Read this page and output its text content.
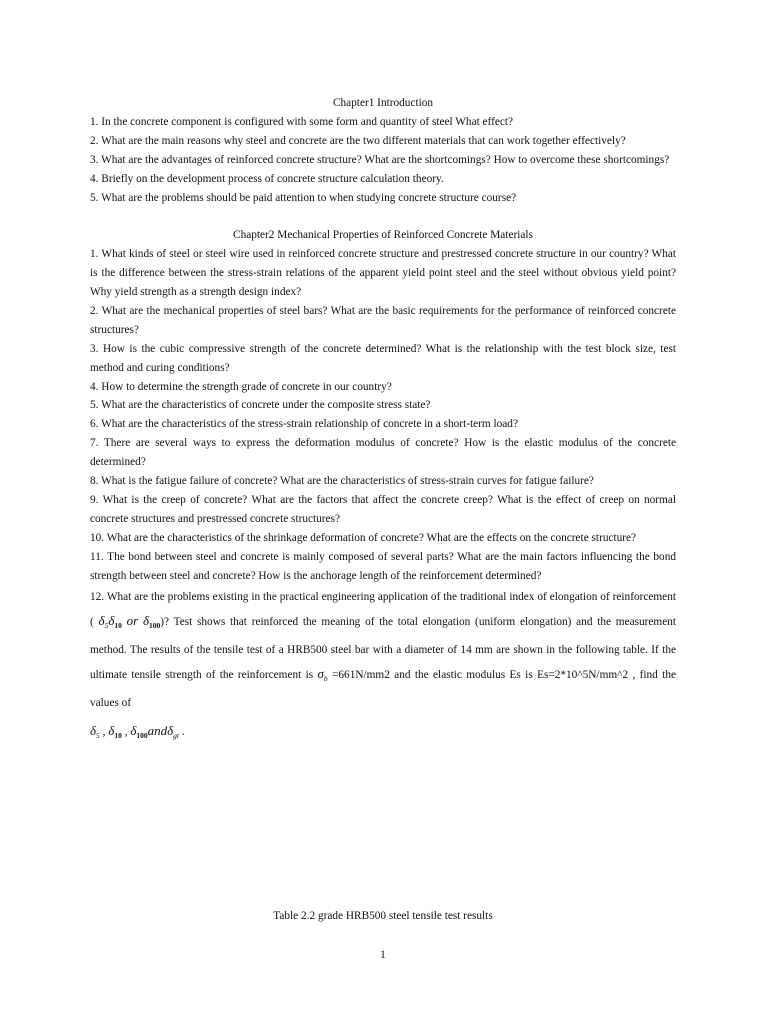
Chapter1 Introduction
1. In the concrete component is configured with some form and quantity of steel What effect?
2. What are the main reasons why steel and concrete are the two different materials that can work together effectively?
3. What are the advantages of reinforced concrete structure? What are the shortcomings? How to overcome these shortcomings?
4. Briefly on the development process of concrete structure calculation theory.
5. What are the problems should be paid attention to when studying concrete structure course?
Chapter2 Mechanical Properties of Reinforced Concrete Materials
1. What kinds of steel or steel wire used in reinforced concrete structure and prestressed concrete structure in our country? What is the difference between the stress-strain relations of the apparent yield point steel and the steel without obvious yield point? Why yield strength as a strength design index?
2. What are the mechanical properties of steel bars? What are the basic requirements for the performance of reinforced concrete structures?
3. How is the cubic compressive strength of the concrete determined? What is the relationship with the test block size, test method and curing conditions?
4. How to determine the strength grade of concrete in our country?
5. What are the characteristics of concrete under the composite stress state?
6. What are the characteristics of the stress-strain relationship of concrete in a short-term load?
7. There are several ways to express the deformation modulus of concrete? How is the elastic modulus of the concrete determined?
8. What is the fatigue failure of concrete? What are the characteristics of stress-strain curves for fatigue failure?
9. What is the creep of concrete? What are the factors that affect the concrete creep? What is the effect of creep on normal concrete structures and prestressed concrete structures?
10. What are the characteristics of the shrinkage deformation of concrete? What are the effects on the concrete structure?
11. The bond between steel and concrete is mainly composed of several parts? What are the main factors influencing the bond strength between steel and concrete? How is the anchorage length of the reinforcement determined?
12. What are the problems existing in the practical engineering application of the traditional index of elongation of reinforcement ( $\delta_5\delta_{10}$ or $\delta_{100}$)? Test shows that reinforced the meaning of the total elongation (uniform elongation) and the measurement method. The results of the tensile test of a HRB500 steel bar with a diameter of 14 mm are shown in the following table. If the ultimate tensile strength of the reinforcement is $\sigma_b =661N/mm2$ and the elastic modulus Es is Es=2*10^5N/mm^2 , find the values of
$\delta_5$ , $\delta_{10}$ , $\delta_{100}and\delta_{gt}$ .
Table 2.2 grade HRB500 steel tensile test results
1
